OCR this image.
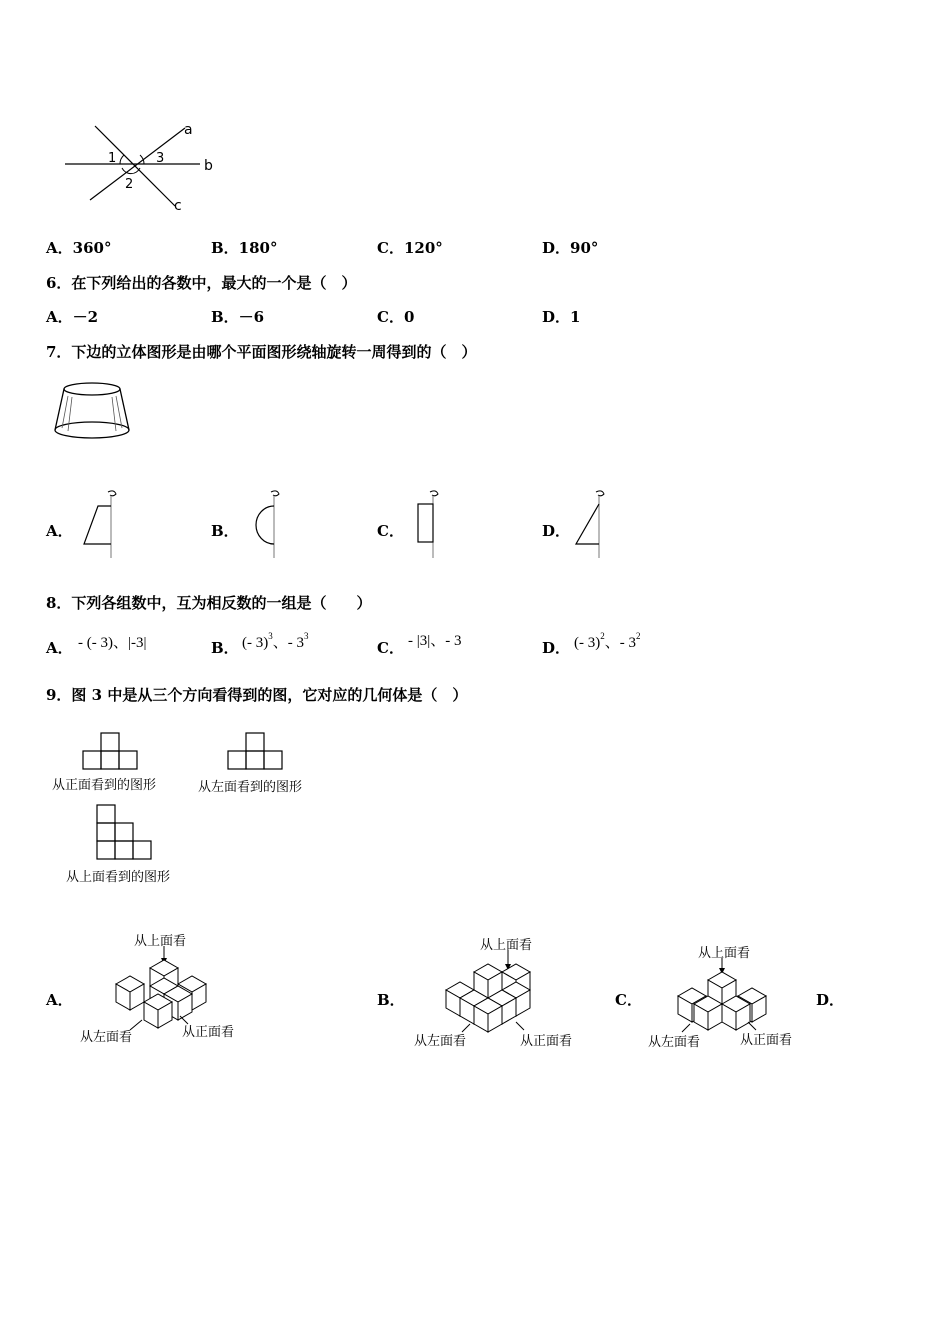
a
b
c
1	3
2
A．360°	B．180°	C．120°	D．90°
6．在下列给出的各数中，最大的一个是（　）
A．－2	B．－6	C．0	D．1
7．下边的立体图形是由哪个平面图形绕轴旋转一周得到的（　）
A．	B．	C．	D．
8．下列各组数中，互为相反数的一组是（　　）
A． - (- 3)、|-3|	B． (- 3)$^3$、- $3^3$
C． - |3|、- 3	D． (- 3)$^2$、- $3^2$
9．图 3 中是从三个方向看得到的图，它对应的几何体是（　）
从正面看到的图形	从左面看到的图形
从上面看到的图形
A．	B．	C．	D．
从上面看
从左面看	从正面看
从上面看
从左面看	从正面看
从上面看
从左面看	从正面看
